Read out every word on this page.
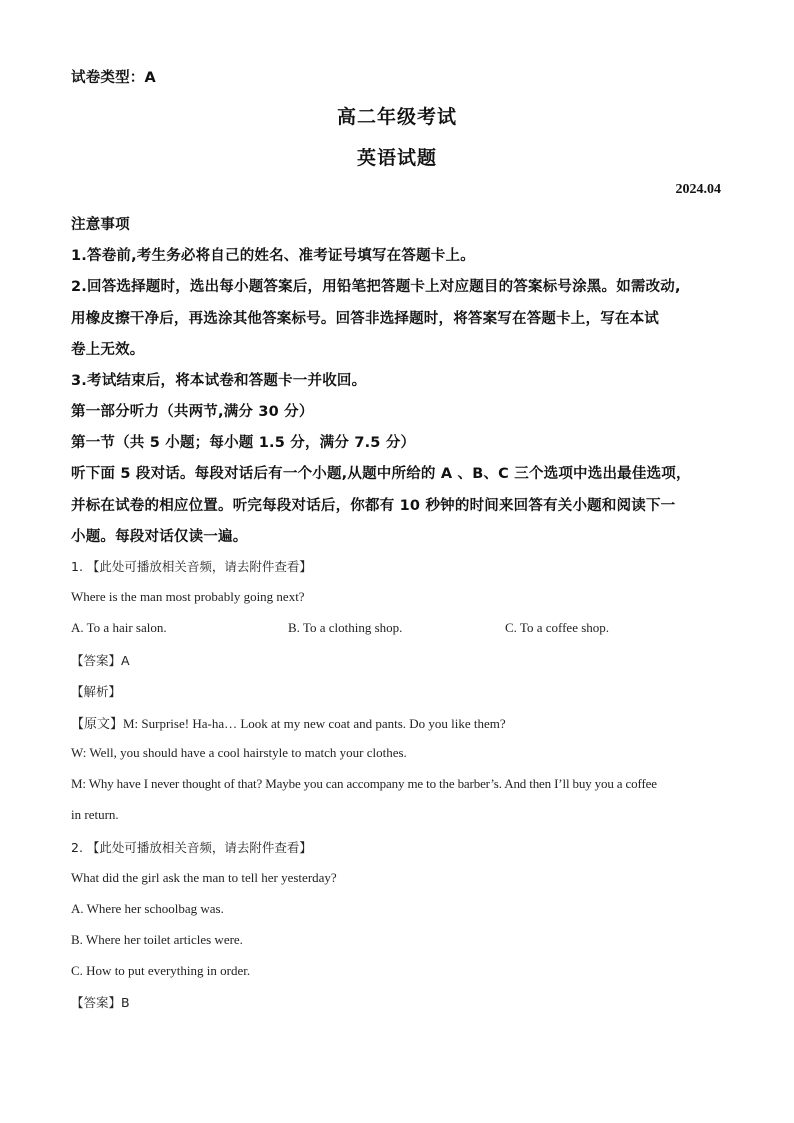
试卷类型：A
高二年级考试
英语试题
2024.04
注意事项
1.答卷前,考生务必将自己的姓名、准考证号填写在答题卡上。
2.回答选择题时，选出每小题答案后，用铅笔把答题卡上对应题目的答案标号涂黑。如需改动,
用橡皮擦干净后，再选涂其他答案标号。回答非选择题时，将答案写在答题卡上，写在本试
卷上无效。
3.考试结束后，将本试卷和答题卡一并收回。
第一部分听力（共两节,满分 30 分）
第一节（共 5 小题；每小题 1.5 分，满分 7.5 分）
听下面 5 段对话。每段对话后有一个小题,从题中所给的 A 、B、C 三个选项中选出最佳选项，
并标在试卷的相应位置。听完每段对话后，你都有 10 秒钟的时间来回答有关小题和阅读下一
小题。每段对话仅读一遍。
1. 【此处可播放相关音频，请去附件查看】
Where is the man most probably going next?
A. To a hair salon.	B. To a clothing shop.	C. To a coffee shop.
【答案】A
【解析】
【原文】M: Surprise! Ha-ha… Look at my new coat and pants. Do you like them?
W: Well, you should have a cool hairstyle to match your clothes.
M: Why have I never thought of that? Maybe you can accompany me to the barber’s. And then I’ll buy you a coffee
in return.
2. 【此处可播放相关音频，请去附件查看】
What did the girl ask the man to tell her yesterday?
A. Where her schoolbag was.
B. Where her toilet articles were.
C. How to put everything in order.
【答案】B
